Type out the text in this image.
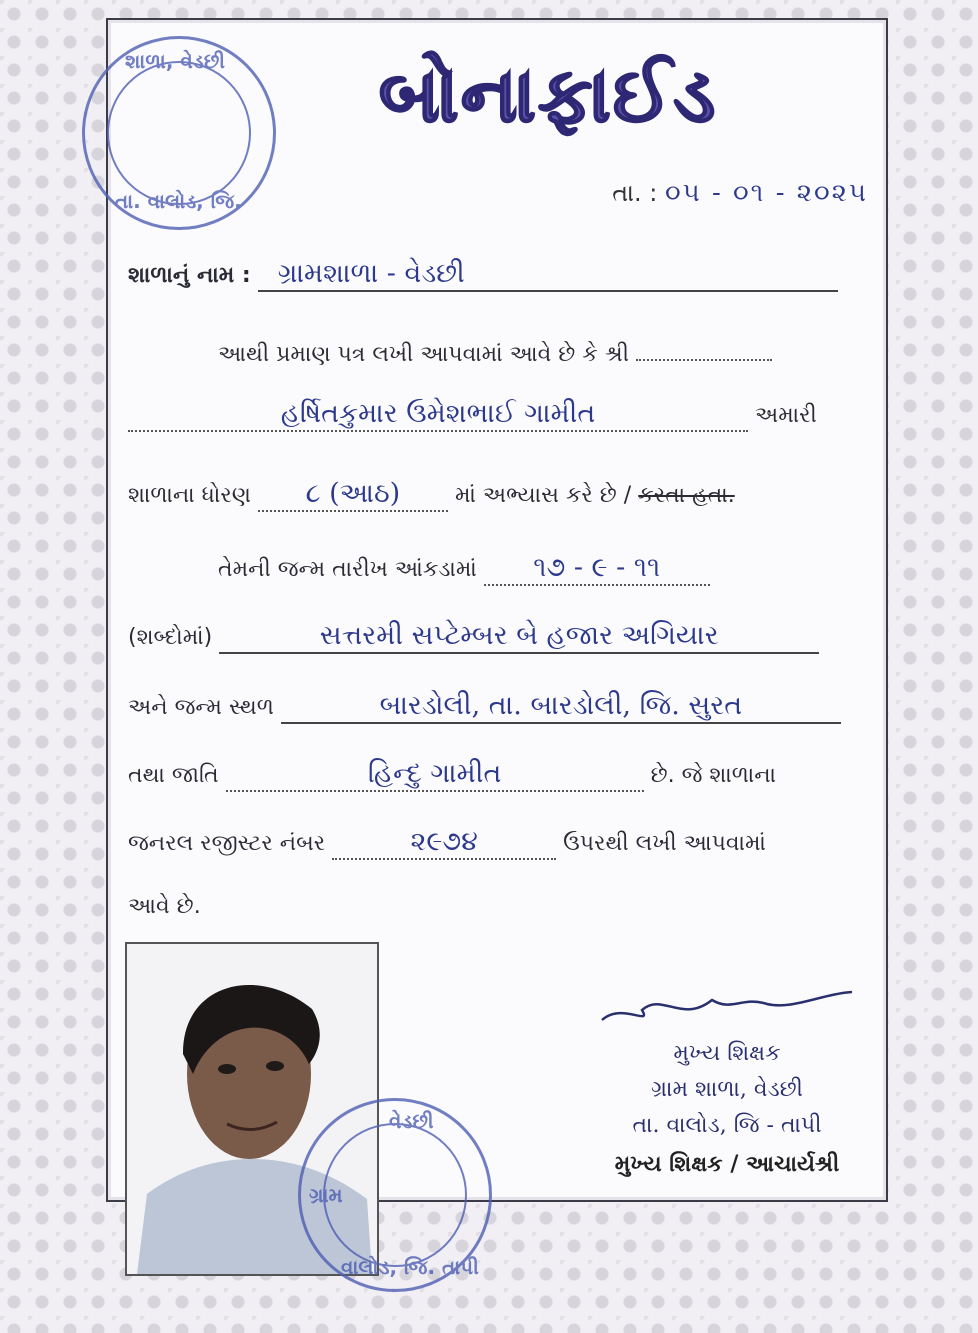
બોનાફાઈડ
તા. : ૦૫ - ૦૧ - ૨૦૨૫
શાળાનું નામ : ગ્રામશાળા - વેડછી
આથી પ્રમાણ પત્ર લખી આપવામાં આવે છે કે શ્રી
હર્ષિતકુમાર ઉમેશભાઈ ગામીત	અમારી
શાળાના ધોરણ ૮ (આઠ) માં અભ્યાસ કરે છે / કરતા હતા.
તેમની જન્મ તારીખ આંકડામાં ૧૭ - ૯ - ૧૧
(શબ્દોમાં)	સત્તરમી સપ્ટેમ્બર બે હજાર અગિયાર
અને જન્મ સ્થળ	બારડોલી, તા. બારડોલી, જિ. સુરત
તથા જાતિ	હિન્દુ ગામીત	છે. જે શાળાના
જનરલ રજીસ્ટર નંબર	૨૯૭૪	ઉપરથી લખી આપવામાં
આવે છે.
મુખ્ય શિક્ષક
ગ્રામ શાળા, વેડછી
તા. વાલોડ, જિ - તાપી
મુખ્ય શિક્ષક / આચાર્યશ્રી
શાળા, વેડછી
તા. વાલોડ, જિ.
વેડછી
ગ્રામ
વાલોડ, જિ. તાપી
